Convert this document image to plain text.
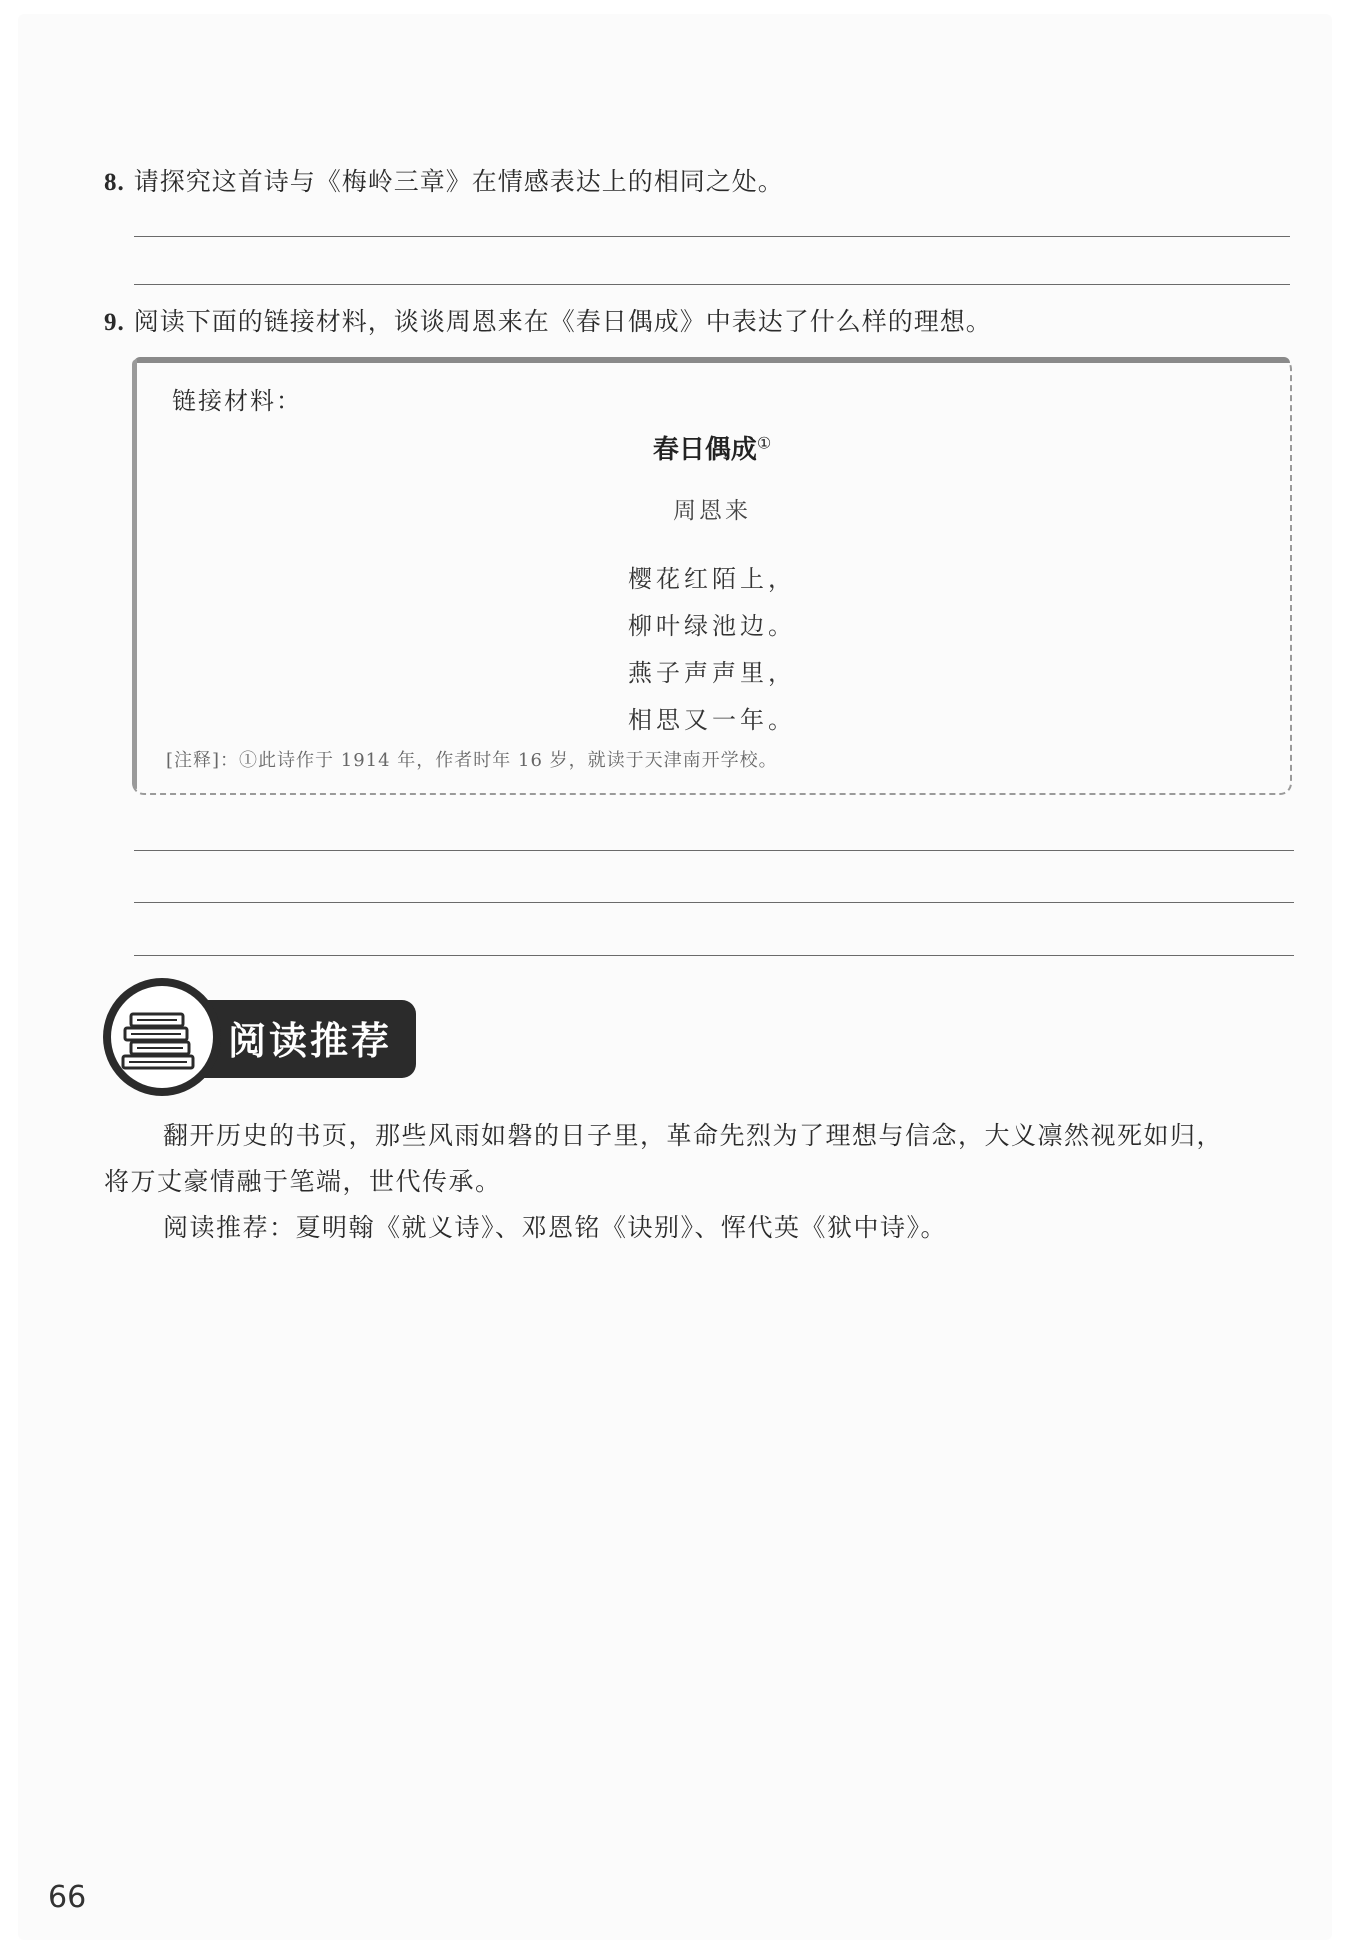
8. 请探究这首诗与《梅岭三章》在情感表达上的相同之处。
9. 阅读下面的链接材料，谈谈周恩来在《春日偶成》中表达了什么样的理想。
链接材料：
春日偶成①
周恩来
樱花红陌上，
柳叶绿池边。
燕子声声里，
相思又一年。
[注释]：①此诗作于 1914 年，作者时年 16 岁，就读于天津南开学校。
阅读推荐
翻开历史的书页，那些风雨如磐的日子里，革命先烈为了理想与信念，大义凛然视死如归，
将万丈豪情融于笔端，世代传承。
阅读推荐：夏明翰《就义诗》、邓恩铭《诀别》、恽代英《狱中诗》。
66
